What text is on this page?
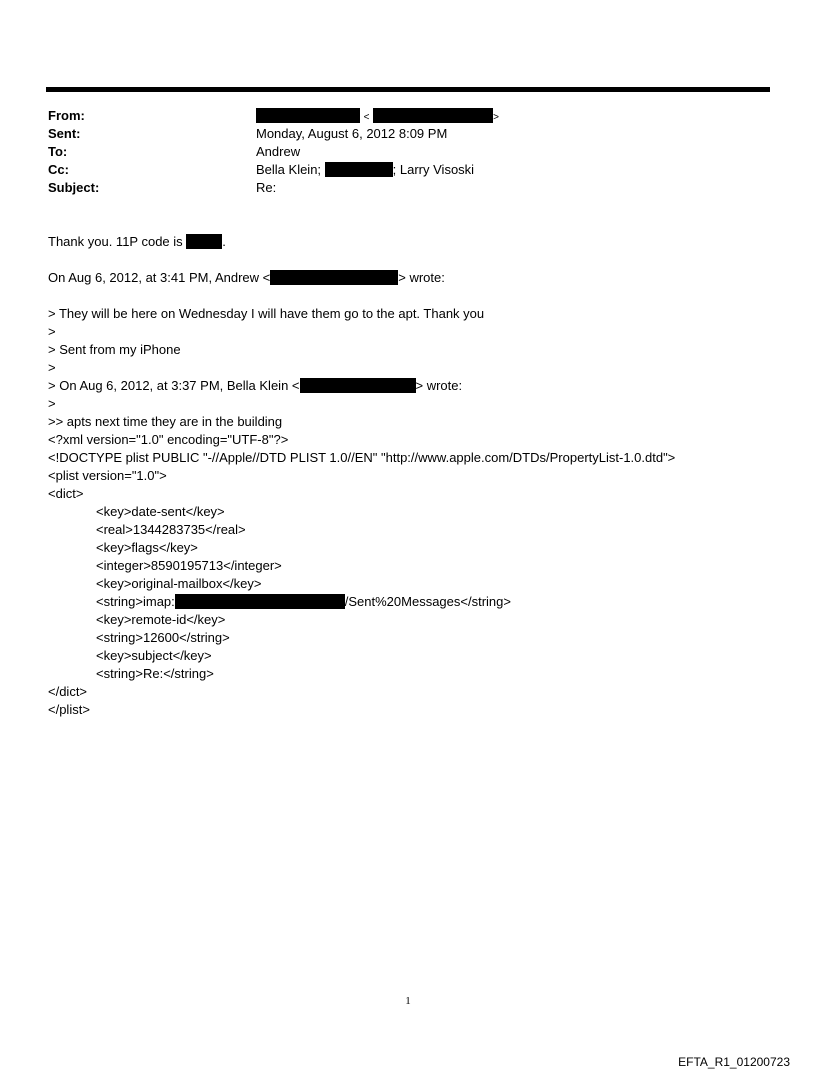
From:	<	>
Sent:	Monday, August 6, 2012 8:09 PM
To:	Andrew
Cc:	Bella Klein;	; Larry Visoski
Subject:	Re:
Thank you. 11P code is	.
On Aug 6, 2012, at 3:41 PM, Andrew <	> wrote:
> They will be here on Wednesday I will have them go to the apt. Thank you
>
> Sent from my iPhone
>
> On Aug 6, 2012, at 3:37 PM, Bella Klein <	> wrote:
>
>> apts next time they are in the building
<?xml version="1.0" encoding="UTF-8"?>
<!DOCTYPE plist PUBLIC "-//Apple//DTD PLIST 1.0//EN" "http://www.apple.com/DTDs/PropertyList-1.0.dtd">
<plist version="1.0">
<dict>
<key>date-sent</key>
<real>1344283735</real>
<key>flags</key>
<integer>8590195713</integer>
<key>original-mailbox</key>
<string>imap:	/Sent%20Messages</string>
<key>remote-id</key>
<string>12600</string>
<key>subject</key>
<string>Re:</string>
</dict>
</plist>
1
EFTA_R1_01200723
